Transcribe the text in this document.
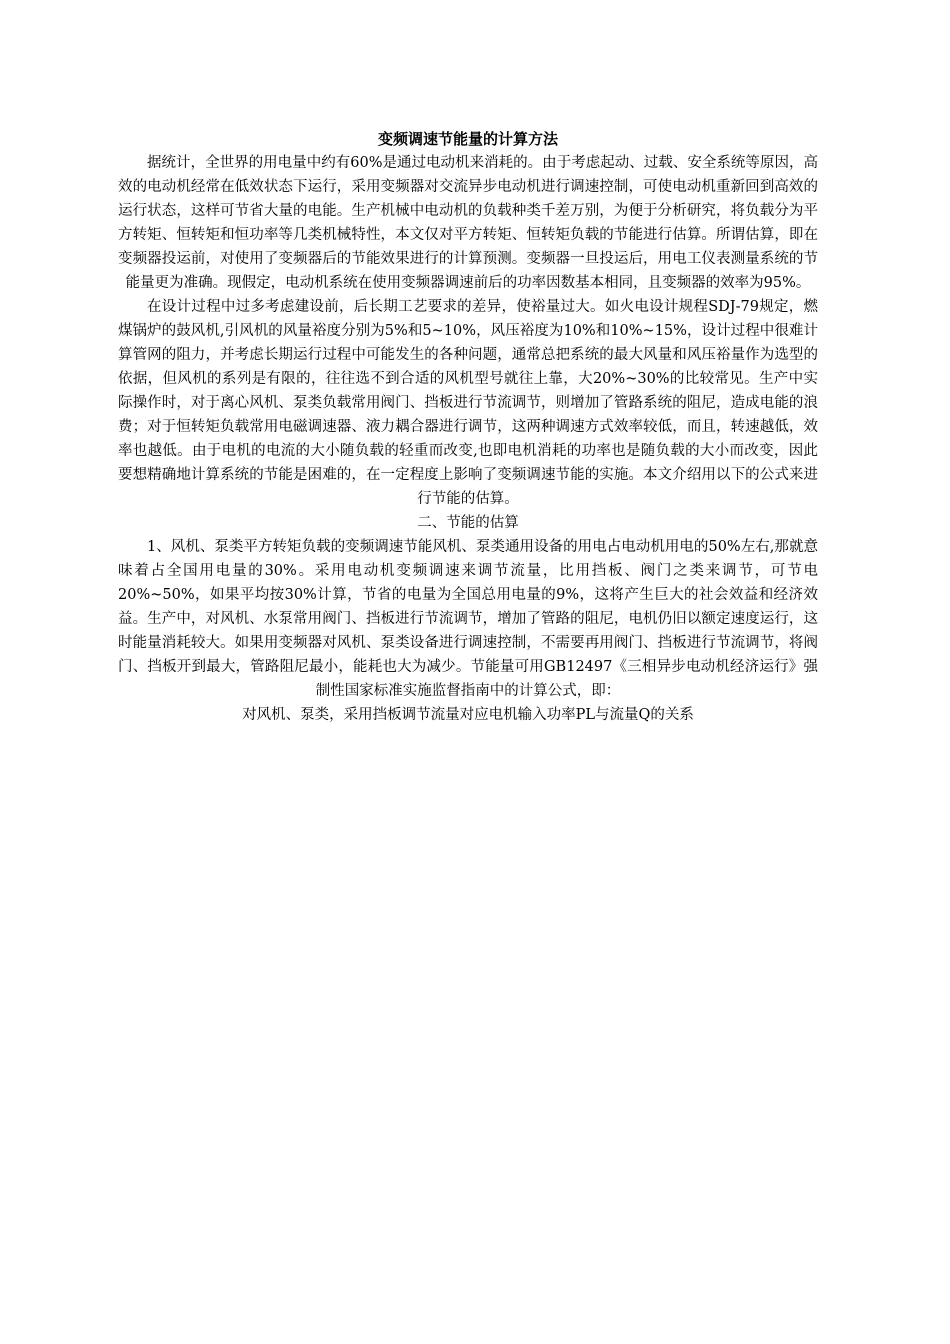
变频调速节能量的计算方法

据统计，全世界的用电量中约有60%是通过电动机来消耗的。由于考虑起动、过载、安全系统等原因，高效的电动机经常在低效状态下运行，采用变频器对交流异步电动机进行调速控制，可使电动机重新回到高效的运行状态，这样可节省大量的电能。生产机械中电动机的负载种类千差万别，为便于分析研究，将负载分为平方转矩、恒转矩和恒功率等几类机械特性，本文仅对平方转矩、恒转矩负载的节能进行估算。所谓估算，即在变频器投运前，对使用了变频器后的节能效果进行的计算预测。变频器一旦投运后，用电工仪表测量系统的节能量更为准确。现假定，电动机系统在使用变频器调速前后的功率因数基本相同，且变频器的效率为95%。

在设计过程中过多考虑建设前，后长期工艺要求的差异，使裕量过大。如火电设计规程SDJ-79规定，燃煤锅炉的鼓风机,引风机的风量裕度分别为5%和5~10%，风压裕度为10%和10%~15%，设计过程中很难计算管网的阻力，并考虑长期运行过程中可能发生的各种问题，通常总把系统的最大风量和风压裕量作为选型的依据，但风机的系列是有限的，往往选不到合适的风机型号就往上靠，大20%~30%的比较常见。生产中实际操作时，对于离心风机、泵类负载常用阀门、挡板进行节流调节，则增加了管路系统的阻尼，造成电能的浪费；对于恒转矩负载常用电磁调速器、液力耦合器进行调节，这两种调速方式效率较低，而且，转速越低，效率也越低。由于电机的电流的大小随负载的轻重而改变,也即电机消耗的功率也是随负载的大小而改变，因此要想精确地计算系统的节能是困难的，在一定程度上影响了变频调速节能的实施。本文介绍用以下的公式来进行节能的估算。

二、节能的估算

1、风机、泵类平方转矩负载的变频调速节能风机、泵类通用设备的用电占电动机用电的50%左右,那就意味着占全国用电量的30%。采用电动机变频调速来调节流量，比用挡板、阀门之类来调节，可节电20%~50%，如果平均按30%计算，节省的电量为全国总用电量的9%，这将产生巨大的社会效益和经济效益。生产中，对风机、水泵常用阀门、挡板进行节流调节，增加了管路的阻尼，电机仍旧以额定速度运行，这时能量消耗较大。如果用变频器对风机、泵类设备进行调速控制，不需要再用阀门、挡板进行节流调节，将阀门、挡板开到最大，管路阻尼最小，能耗也大为减少。节能量可用GB12497《三相异步电动机经济运行》强制性国家标准实施监督指南中的计算公式，即：

对风机、泵类，采用挡板调节流量对应电机输入功率PL与流量Q的关系
